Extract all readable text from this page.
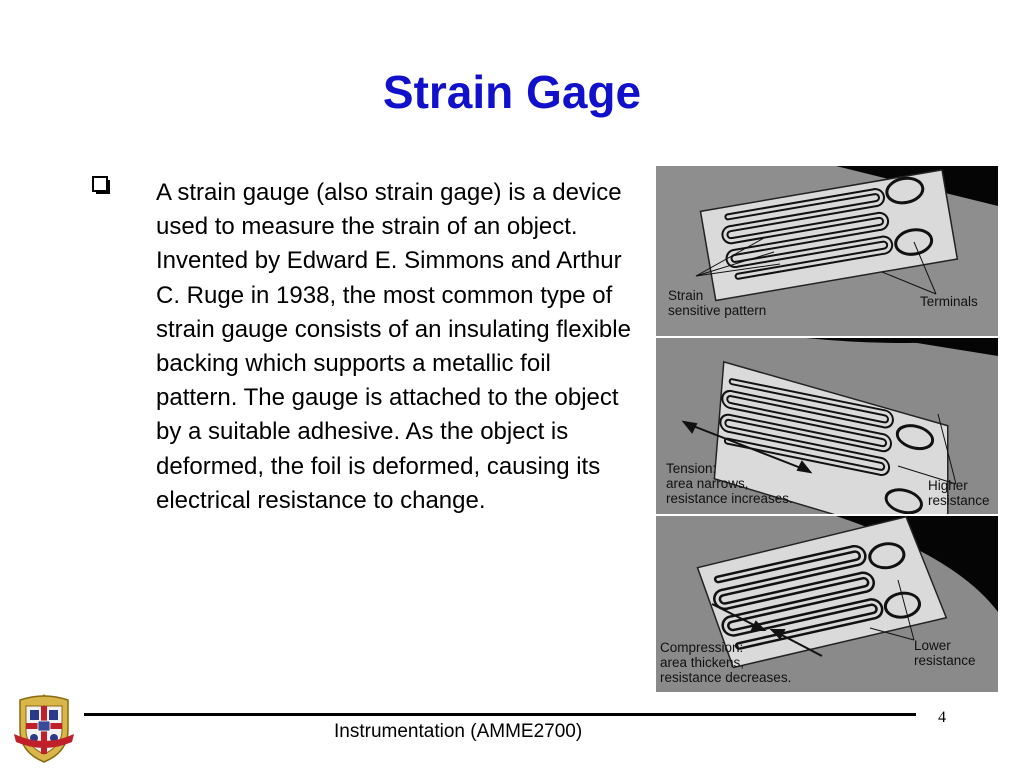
Strain Gage

A strain gauge (also strain gage) is a device used to measure the strain of an object. Invented by Edward E. Simmons and Arthur C. Ruge in 1938, the most common type of strain gauge consists of an insulating flexible backing which supports a metallic foil pattern. The gauge is attached to the object by a suitable adhesive. As the object is deformed, the foil is deformed, causing its electrical resistance to change.

Strain
sensitive pattern

Terminals

Tension:
area narrows,
resistance increases.

Higher
resistance

Compression:
area thickens,
resistance decreases.

Lower
resistance

Instrumentation (AMME2700)
4
